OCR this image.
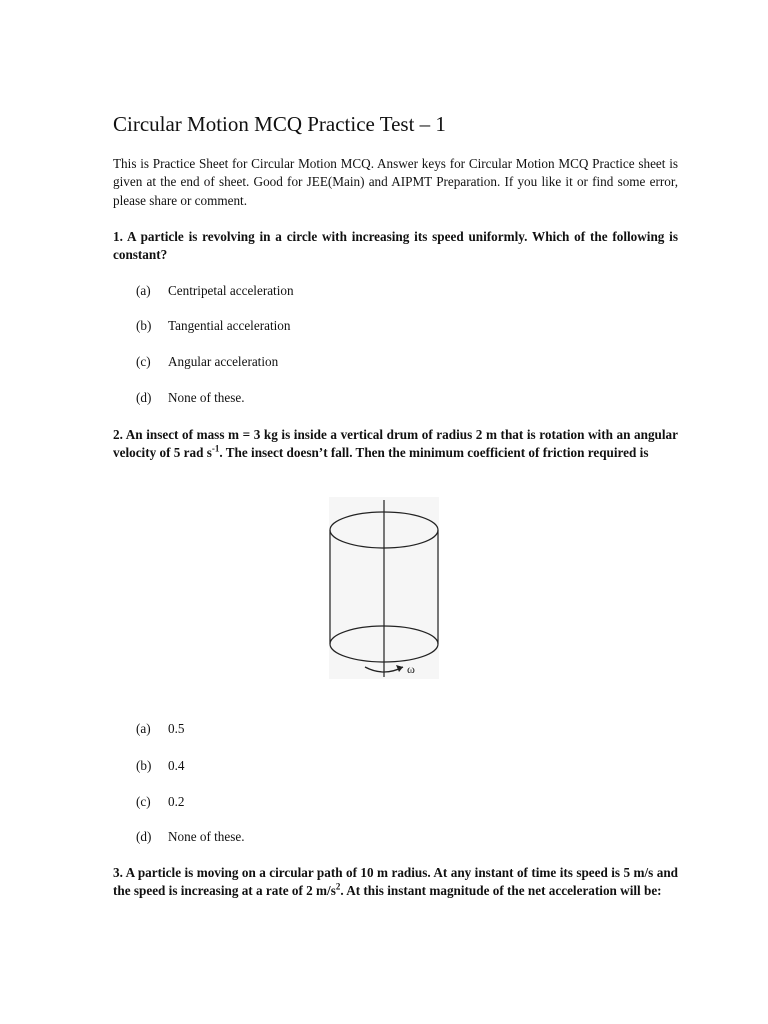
Circular Motion MCQ Practice Test – 1

This is Practice Sheet for Circular Motion MCQ. Answer keys for Circular Motion MCQ Practice sheet is given at the end of sheet. Good for JEE(Main) and AIPMT Preparation. If you like it or find some error, please share or comment.

1. A particle is revolving in a circle with increasing its speed uniformly. Which of the following is constant?

(a) Centripetal acceleration
(b) Tangential acceleration
(c) Angular acceleration
(d) None of these.

2. An insect of mass m = 3 kg is inside a vertical drum of radius 2 m that is rotation with an angular velocity of 5 rad $s^{-1}$. The insect doesn’t fall. Then the minimum coefficient of friction required is

ω
(a) 0.5
(b) 0.4
(c) 0.2
(d) None of these.

3. A particle is moving on a circular path of 10 m radius. At any instant of time its speed is 5 m/s and the speed is increasing at a rate of 2 $m/s^2$. At this instant magnitude of the net acceleration will be:
